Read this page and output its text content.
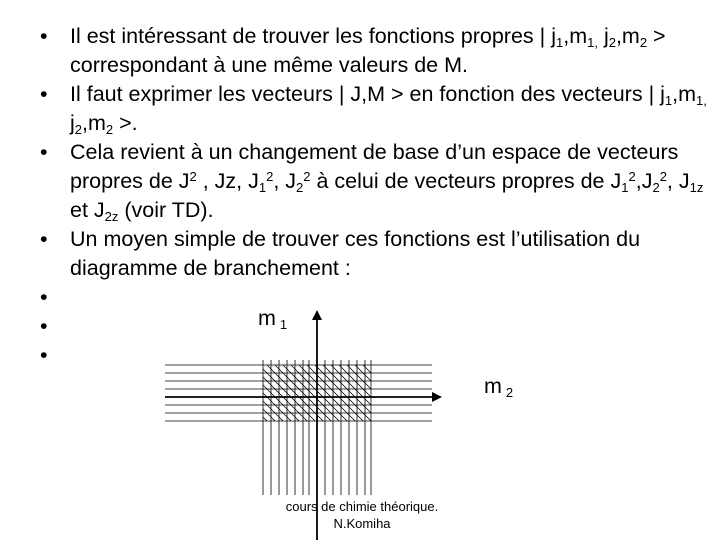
• Il est intéressant de trouver les fonctions propres | $j_1,m_{1,}$ $j_2,m_2$ > correspondant à une même valeurs de M.
• Il faut exprimer les vecteurs | J,M > en fonction des vecteurs | $j_1,m_{1,}$ $j_2,m_2$ >.
• Cela revient à un changement de base d’un espace de vecteurs propres de $J^2$ , Jz, $J_1^2$, $J_2^2$ à celui de vecteurs propres de $J_1^2,J_2^2$, $J_{1z}$ et $J_{2z}$ (voir TD).
• Un moyen simple de trouver ces fonctions est l’utilisation du diagramme de branchement :
•

•

•

m $_1$
m $_2$
cours de chimie théorique.
N.Komiha
